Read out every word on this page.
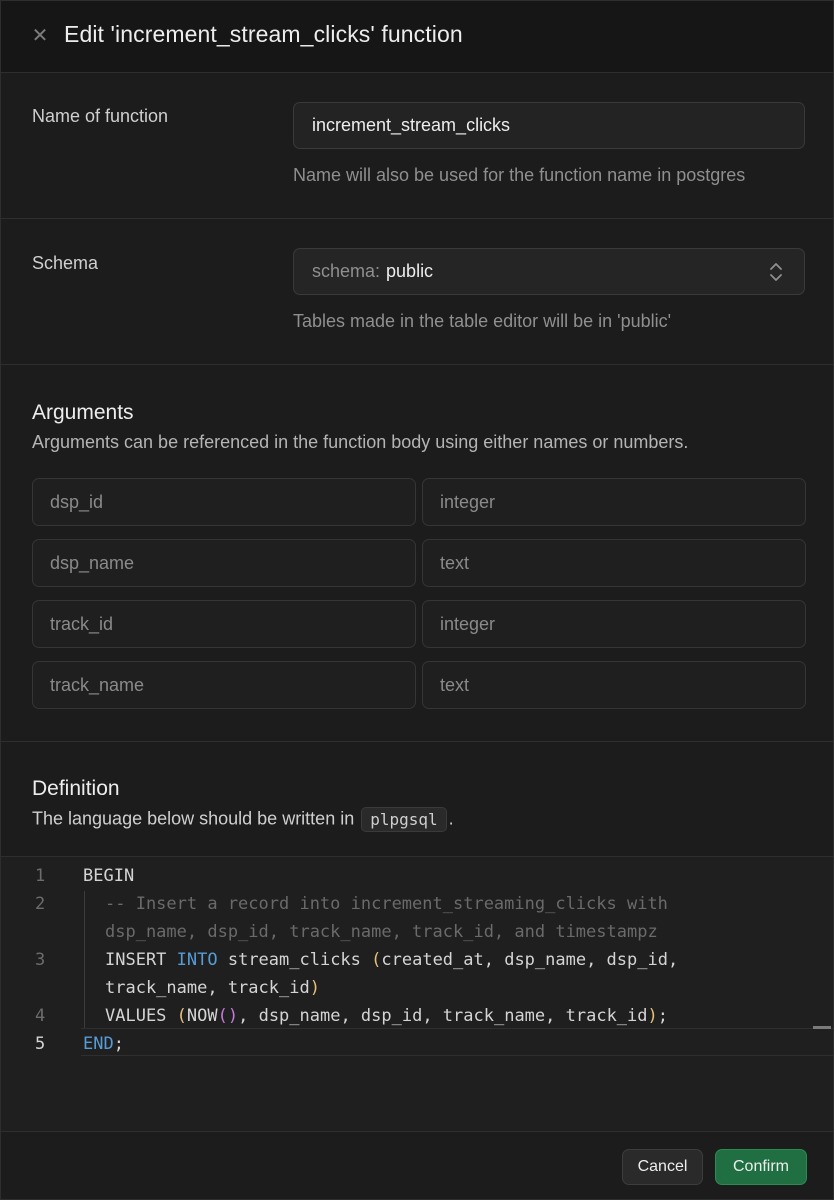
✕ Edit 'increment_stream_clicks' function
Name of function	increment_stream_clicks
Name will also be used for the function name in postgres
Schema	schema: public
Tables made in the table editor will be in 'public'
Arguments
Arguments can be referenced in the function body using either names or numbers.
dsp_id	integer
dsp_name	text
track_id	integer
track_name	text
Definition
The language below should be written in plpgsql .
1
2
3
4
5
BEGIN
-- Insert a record into increment_streaming_clicks with
dsp_name, dsp_id, track_name, track_id, and timestampz
INSERT INTO stream_clicks (created_at, dsp_name, dsp_id,
track_name, track_id)
VALUES (NOW(), dsp_name, dsp_id, track_name, track_id);
END;
Cancel	Confirm
